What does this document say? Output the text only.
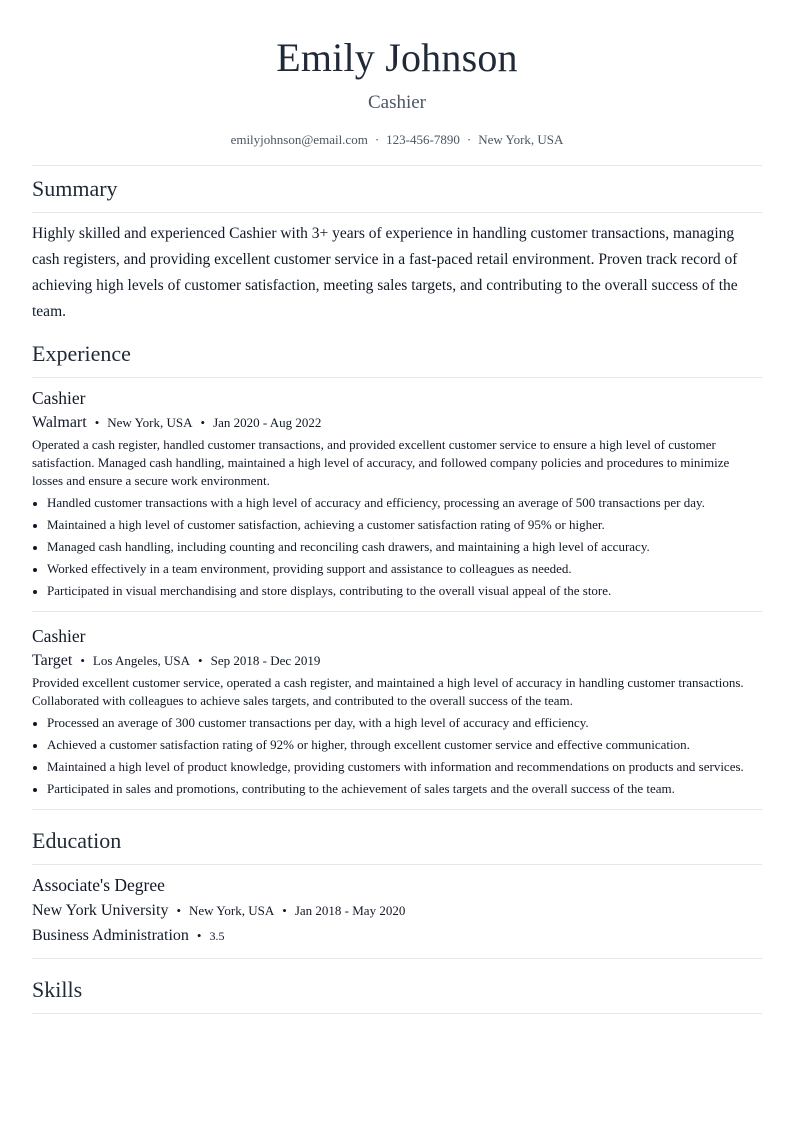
Emily Johnson
Cashier
emilyjohnson@email.com · 123-456-7890 · New York, USA
Summary

Highly skilled and experienced Cashier with 3+ years of experience in handling customer transactions, managing cash registers, and providing excellent customer service in a fast-paced retail environment. Proven track record of achieving high levels of customer satisfaction, meeting sales targets, and contributing to the overall success of the team.

Experience
Cashier
Walmart • New York, USA • Jan 2020 - Aug 2022

Operated a cash register, handled customer transactions, and provided excellent customer service to ensure a high level of customer satisfaction. Managed cash handling, maintained a high level of accuracy, and followed company policies and procedures to minimize losses and ensure a secure work environment.

Handled customer transactions with a high level of accuracy and efficiency, processing an average of 500 transactions per day.
Maintained a high level of customer satisfaction, achieving a customer satisfaction rating of 95% or higher.
Managed cash handling, including counting and reconciling cash drawers, and maintaining a high level of accuracy.
Worked effectively in a team environment, providing support and assistance to colleagues as needed.
Participated in visual merchandising and store displays, contributing to the overall visual appeal of the store.
Cashier
Target • Los Angeles, USA • Sep 2018 - Dec 2019

Provided excellent customer service, operated a cash register, and maintained a high level of accuracy in handling customer transactions. Collaborated with colleagues to achieve sales targets, and contributed to the overall success of the team.

Processed an average of 300 customer transactions per day, with a high level of accuracy and efficiency.
Achieved a customer satisfaction rating of 92% or higher, through excellent customer service and effective communication.
Maintained a high level of product knowledge, providing customers with information and recommendations on products and services.
Participated in sales and promotions, contributing to the achievement of sales targets and the overall success of the team.
Education
Associate's Degree
New York University • New York, USA • Jan 2018 - May 2020
Business Administration • 3.5
Skills
